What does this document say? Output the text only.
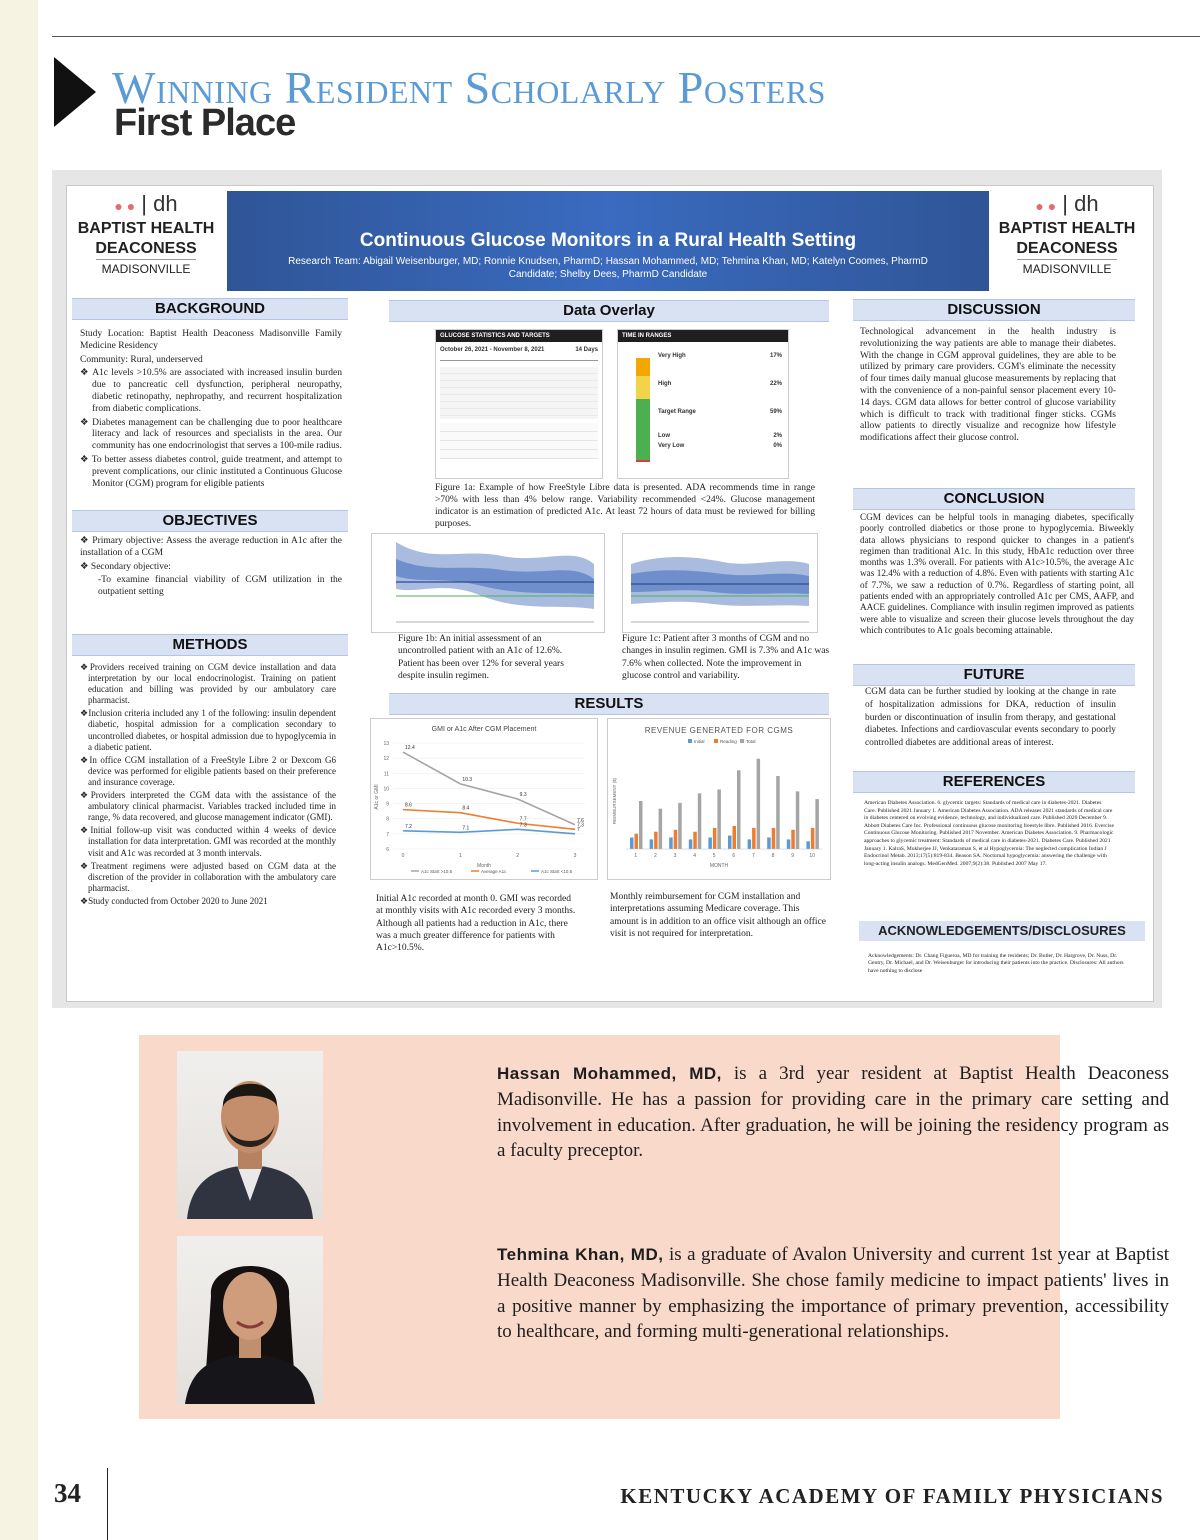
Winning Resident Scholarly Posters
First Place
● ● | dh
BAPTIST HEALTH
DEACONESS
MADISONVILLE
● ● | dh
BAPTIST HEALTH
DEACONESS
MADISONVILLE
Continuous Glucose Monitors in a Rural Health Setting
Research Team: Abigail Weisenburger, MD; Ronnie Knudsen, PharmD; Hassan Mohammed, MD; Tehmina Khan, MD; Katelyn Coomes, PharmD Candidate; Shelby Dees, PharmD Candidate
BACKGROUND

Study Location: Baptist Health Deaconess Madisonville Family Medicine Residency

Community: Rural, underserved

❖ A1c levels >10.5% are associated with increased insulin burden due to pancreatic cell dysfunction, peripheral neuropathy, diabetic retinopathy, nephropathy, and recurrent hospitalization from diabetic complications.

❖ Diabetes management can be challenging due to poor healthcare literacy and lack of resources and specialists in the area. Our community has one endocrinologist that serves a 100-mile radius.

❖ To better assess diabetes control, guide treatment, and attempt to prevent complications, our clinic instituted a Continuous Glucose Monitor (CGM) program for eligible patients

OBJECTIVES

❖ Primary objective: Assess the average reduction in A1c after the installation of a CGM

❖ Secondary objective:

-To examine financial viability of CGM utilization in the outpatient setting

METHODS

❖Providers received training on CGM device installation and data interpretation by our local endocrinologist. Training on patient education and billing was provided by our ambulatory care pharmacist.

❖Inclusion criteria included any 1 of the following: insulin dependent diabetic, hospital admission for a complication secondary to uncontrolled diabetes, or hospital admission due to hypoglycemia in a diabetic patient.

❖In office CGM installation of a FreeStyle Libre 2 or Dexcom G6 device was performed for eligible patients based on their preference and insurance coverage.

❖Providers interpreted the CGM data with the assistance of the ambulatory clinical pharmacist. Variables tracked included time in range, % data recovered, and glucose management indicator (GMI).

❖Initial follow-up visit was conducted within 4 weeks of device installation for data interpretation. GMI was recorded at the monthly visit and A1c was recorded at 3 month intervals.

❖Treatment regimens were adjusted based on CGM data at the discretion of the provider in collaboration with the ambulatory care pharmacist.

❖Study conducted from October 2020 to June 2021

Data Overlay
GLUCOSE STATISTICS AND TARGETS
October 26, 2021 - November 8, 2021	14 Days
TIME IN RANGES
Very High	17%
High	22%
Target Range	59%
Low	2%
Very Low	0%
Figure 1a: Example of how FreeStyle Libre data is presented. ADA recommends time in range >70% with less than 4% below range. Variability recommended <24%. Glucose management indicator is an estimation of predicted A1c. At least 72 hours of data must be reviewed for billing purposes.
Figure 1b: An initial assessment of an uncontrolled patient with an A1c of 12.6%. Patient has been over 12% for several years despite insulin regimen.
Figure 1c: Patient after 3 months of CGM and no changes in insulin regimen. GMI is 7.3% and A1c was 7.6% when collected. Note the improvement in glucose control and variability.
RESULTS
GMI or A1c After CGM Placement
13
12
11
10
9
8
7
6
0	1	2	3
Month
A1c or GMI
12.4
10.3
9.3
7.6
A1c Start >10.5
8.6
8.4
7.7
7.3
Average A1c
7.2	7.1
7.3
7
A1c Start <10.5
REVENUE GENERATED FOR CGMS
Initial	Reading Total
1	2	3	4	5	6	7	8	9	10
MONTH
REIMBURSEMENT ($)
Initial A1c recorded at month 0. GMI was recorded at monthly visits with A1c recorded every 3 months. Although all patients had a reduction in A1c, there was a much greater difference for patients with A1c>10.5%.
Monthly reimbursement for CGM installation and interpretations assuming Medicare coverage. This amount is in addition to an office visit although an office visit is not required for interpretation.
DISCUSSION
Technological advancement in the health industry is revolutionizing the way patients are able to manage their diabetes. With the change in CGM approval guidelines, they are able to be utilized by primary care providers. CGM's eliminate the necessity of four times daily manual glucose measurements by replacing that with the convenience of a non-painful sensor placement every 10-14 days. CGM data allows for better control of glucose variability which is difficult to track with traditional finger sticks. CGMs allow patients to directly visualize and recognize how lifestyle modifications affect their glucose control.
CONCLUSION
CGM devices can be helpful tools in managing diabetes, specifically poorly controlled diabetics or those prone to hypoglycemia. Biweekly data allows physicians to respond quicker to changes in a patient's regimen than traditional A1c. In this study, HbA1c reduction over three months was 1.3% overall. For patients with A1c>10.5%, the average A1c was 12.4% with a reduction of 4.8%. Even with patients with starting A1c of 7.7%, we saw a reduction of 0.7%. Regardless of starting point, all patients ended with an appropriately controlled A1c per CMS, AAFP, and AACE guidelines. Compliance with insulin regimen improved as patients were able to visualize and screen their glucose levels throughout the day which contributes to A1c goals becoming attainable.
FUTURE
CGM data can be further studied by looking at the change in rate of hospitalization admissions for DKA, reduction of insulin burden or discontinuation of insulin from therapy, and gestational diabetes. Infections and cardiovascular events secondary to poorly controlled diabetes are additional areas of interest.
REFERENCES
American Diabetes Association. 6. glycemic targets: Standards of medical care in diabetes-2021. Diabetes Care. Published 2021 January 1. American Diabetes Association. ADA releases 2021 standards of medical care in diabetes centered on evolving evidence, technology, and individualized care. Published 2020 December 9. Abbott Diabetes Care Inc. Professional continuous glucose monitoring freestyle libre. Published 2016. Evercise Continuous Glucose Monitoring. Published 2017 November. American Diabetes Association. 9. Pharmacologic approaches to glycemic treatment: Standards of medical care in diabetes-2021. Diabetes Care. Published 2021 January 1. KalraS, Mukherjee JJ, Venkataraman S, et al Hypoglycemia: The neglected complication Indian J Endocrinol Metab. 2013;17(5):819-834. Beason SA. Nocturnal hypoglycemia: answering the challenge with long-acting insulin analogs. MedGenMed. 2007;9(2):38. Published 2007 May 17.
ACKNOWLEDGEMENTS/DISCLOSURES
Acknowledgements: Dr. Chang Figueroa, MD for training the residents; Dr. Butler, Dr. Hargrove, Dr. Nuss, Dr. Gentry, Dr. Michael, and Dr. Weisenburger for introducing their patients into the practice. Disclosures: All authors have nothing to disclose
Hassan Mohammed, MD, is a 3rd year resident at Baptist Health Deaconess Madisonville. He has a passion for providing care in the primary care setting and involvement in education. After graduation, he will be joining the residency program as a faculty preceptor.
Tehmina Khan, MD, is a graduate of Avalon University and current 1st year at Baptist Health Deaconess Madisonville. She chose family medicine to impact patients' lives in a positive manner by emphasizing the importance of primary prevention, accessibility to healthcare, and forming multi-generational relationships.
34	KENTUCKY ACADEMY OF FAMILY PHYSICIANS
